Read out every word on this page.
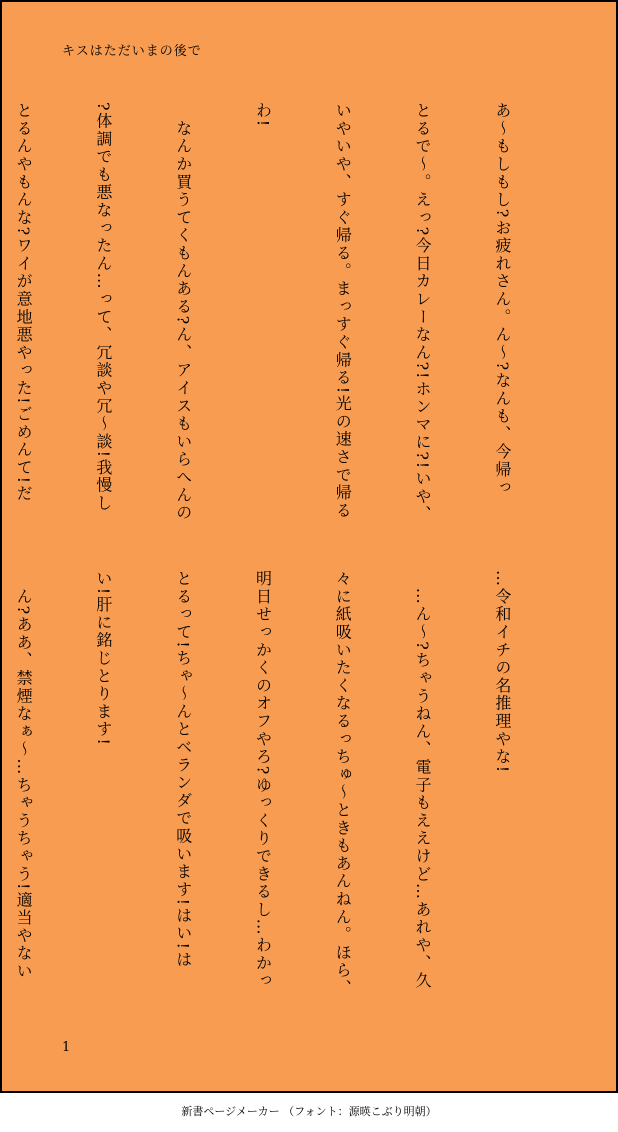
キスはただいまの後で

あ〜もしもし?お疲れさん。ん〜?なんも、今帰っ

とるで〜。えっ?今日カレーなん?!ホンマに?!いや、

いやいや、すぐ帰る。まっすぐ帰る!光の速さで帰る

わ!

　なんか買うてくもんある?ん、アイスもいらへんの

?体調でも悪なったん…って、冗談や冗〜談!我慢し

とるんやもんな?ワイが意地悪やった!ごめんて!だ

…令和イチの名推理やな!

　…ん〜?ちゃうねん、電子もええけど…あれや、久

々に紙吸いたくなるっちゅ〜ときもあんねん。ほら、

明日せっかくのオフやろ?ゆっくりできるし…わかっ

とるって!ちゃ〜んとベランダで吸います!はい!は

い!肝に銘じとります!

　ん?ああ、禁煙なぁ〜…ちゃうちゃう!適当やない

1
新書ページメーカー （フォント：源暎こぶり明朝）
